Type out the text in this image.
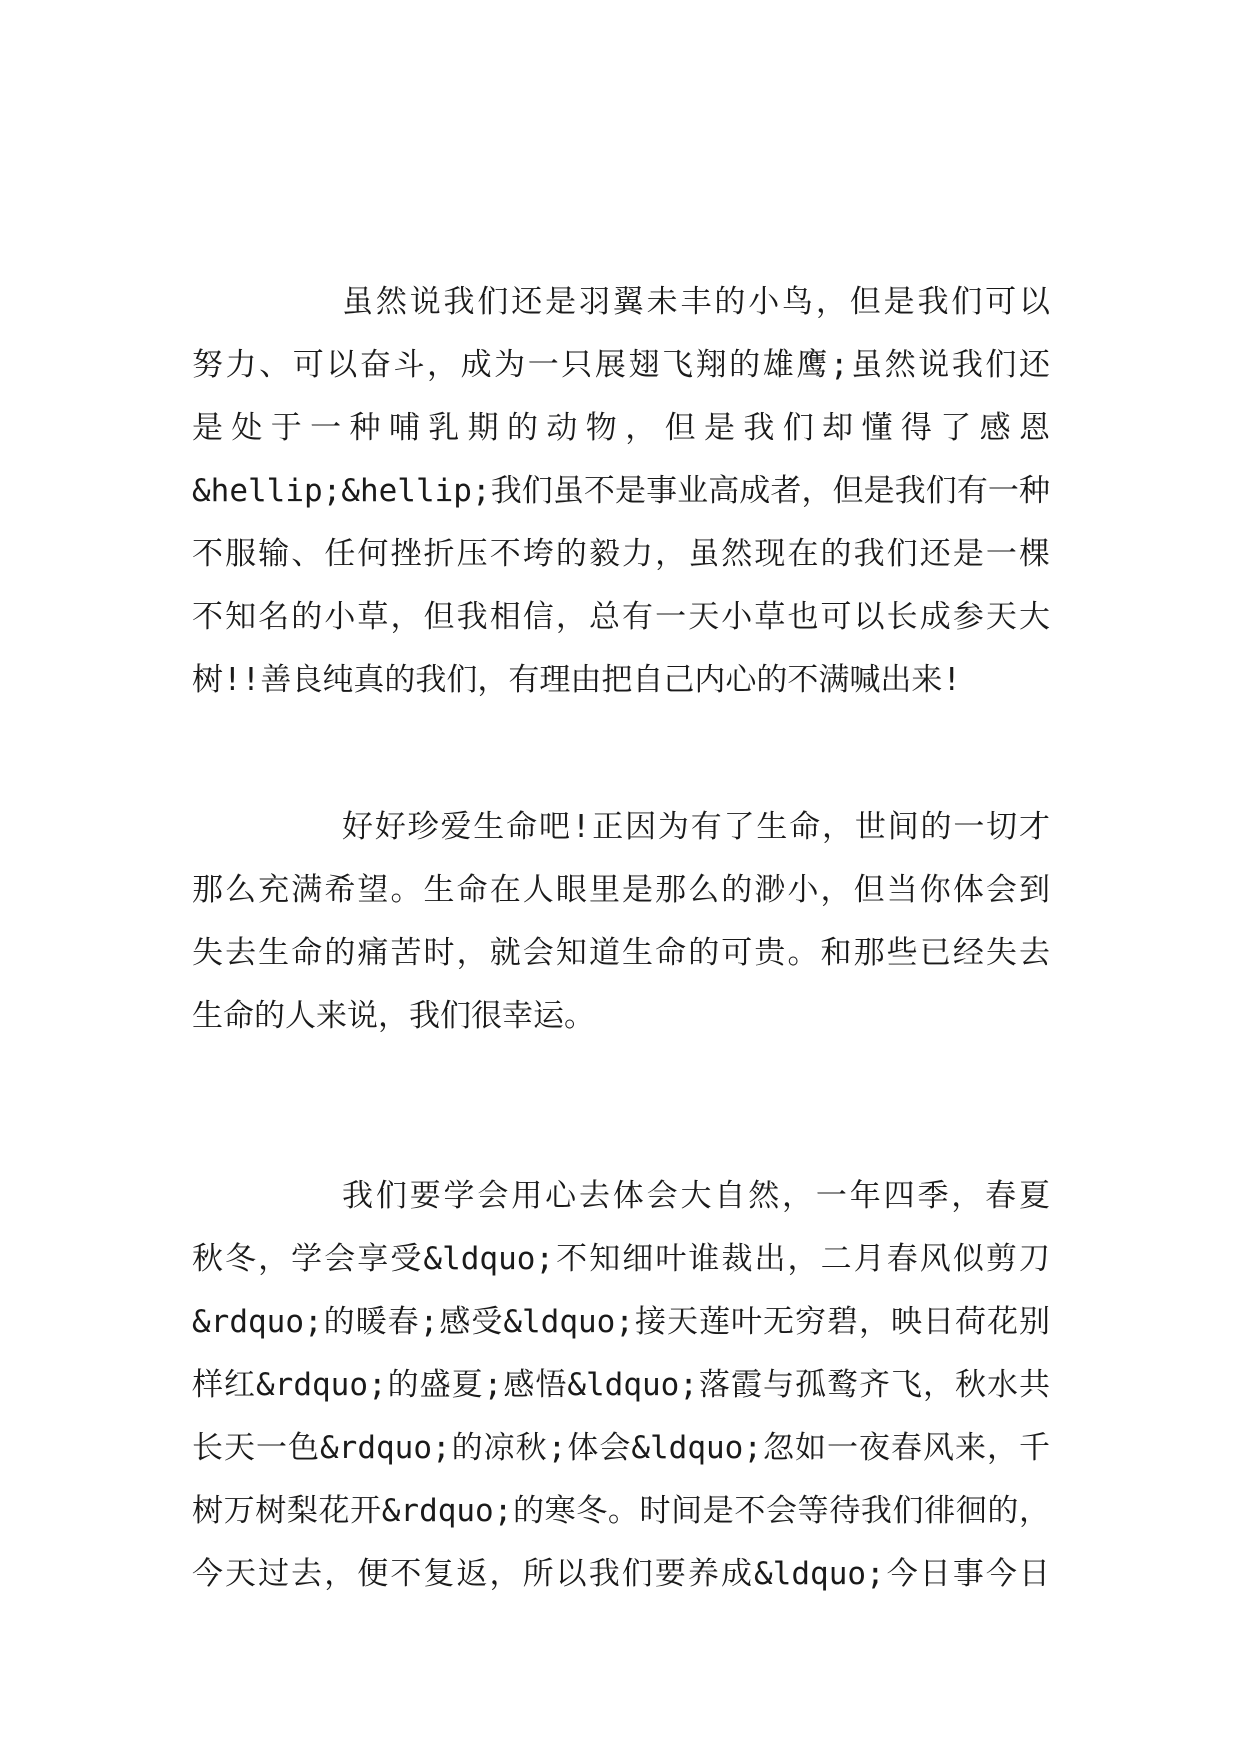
虽然说我们还是羽翼未丰的小鸟，但是我们可以
努力、可以奋斗，成为一只展翅飞翔的雄鹰;虽然说我们还
是处于一种哺乳期的动物，但是我们却懂得了感恩
&hellip;&hellip;我们虽不是事业高成者，但是我们有一种
不服输、任何挫折压不垮的毅力，虽然现在的我们还是一棵
不知名的小草，但我相信，总有一天小草也可以长成参天大
树!!善良纯真的我们，有理由把自己内心的不满喊出来!
好好珍爱生命吧!正因为有了生命，世间的一切才
那么充满希望。生命在人眼里是那么的渺小，但当你体会到
失去生命的痛苦时，就会知道生命的可贵。和那些已经失去
生命的人来说，我们很幸运。
我们要学会用心去体会大自然，一年四季，春夏
秋冬，学会享受&ldquo;不知细叶谁裁出，二月春风似剪刀
&rdquo;的暖春;感受&ldquo;接天莲叶无穷碧，映日荷花别
样红&rdquo;的盛夏;感悟&ldquo;落霞与孤鹜齐飞，秋水共
长天一色&rdquo;的凉秋;体会&ldquo;忽如一夜春风来，千
树万树梨花开&rdquo;的寒冬。时间是不会等待我们徘徊的，
今天过去，便不复返，所以我们要养成&ldquo;今日事今日
